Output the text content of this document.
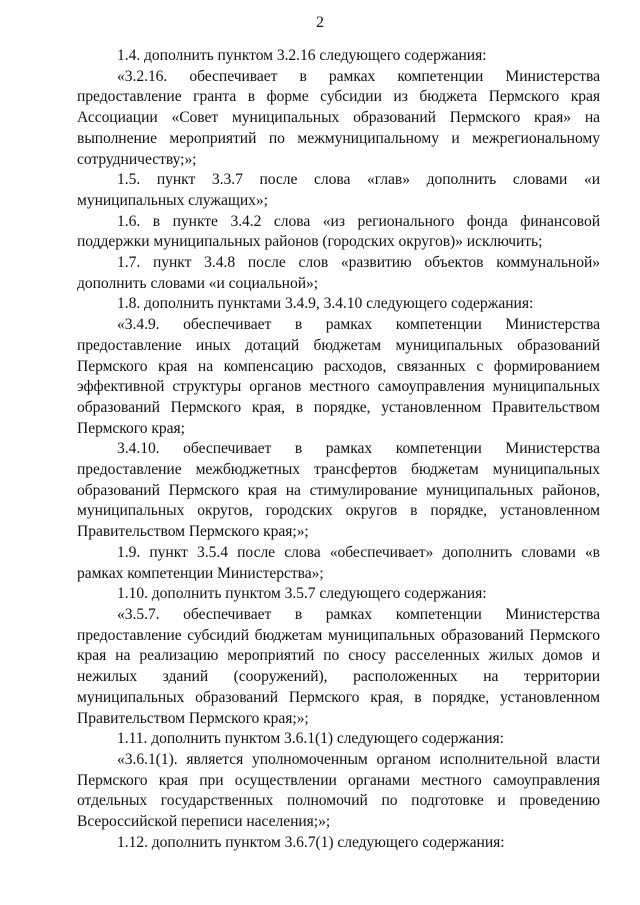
2

1.4. дополнить пунктом 3.2.16 следующего содержания:

«3.2.16. обеспечивает в рамках компетенции Министерства предоставление гранта в форме субсидии из бюджета Пермского края Ассоциации «Совет муниципальных образований Пермского края» на выполнение мероприятий по межмуниципальному и межрегиональному сотрудничеству;»;

1.5. пункт 3.3.7 после слова «глав» дополнить словами «и муниципальных служащих»;

1.6. в пункте 3.4.2 слова «из регионального фонда финансовой поддержки муниципальных районов (городских округов)» исключить;

1.7. пункт 3.4.8 после слов «развитию объектов коммунальной» дополнить словами «и социальной»;

1.8. дополнить пунктами 3.4.9, 3.4.10 следующего содержания:

«3.4.9. обеспечивает в рамках компетенции Министерства предоставление иных дотаций бюджетам муниципальных образований Пермского края на компенсацию расходов, связанных с формированием эффективной структуры органов местного самоуправления муниципальных образований Пермского края, в порядке, установленном Правительством Пермского края;

3.4.10. обеспечивает в рамках компетенции Министерства предоставление межбюджетных трансфертов бюджетам муниципальных образований Пермского края на стимулирование муниципальных районов, муниципальных округов, городских округов в порядке, установленном Правительством Пермского края;»;

1.9. пункт 3.5.4 после слова «обеспечивает» дополнить словами «в рамках компетенции Министерства»;

1.10. дополнить пунктом 3.5.7 следующего содержания:

«3.5.7. обеспечивает в рамках компетенции Министерства предоставление субсидий бюджетам муниципальных образований Пермского края на реализацию мероприятий по сносу расселенных жилых домов и нежилых зданий (сооружений), расположенных на территории муниципальных образований Пермского края, в порядке, установленном Правительством Пермского края;»;

1.11. дополнить пунктом 3.6.1(1) следующего содержания:

«3.6.1(1). является уполномоченным органом исполнительной власти Пермского края при осуществлении органами местного самоуправления отдельных государственных полномочий по подготовке и проведению Всероссийской переписи населения;»;

1.12. дополнить пунктом 3.6.7(1) следующего содержания:
